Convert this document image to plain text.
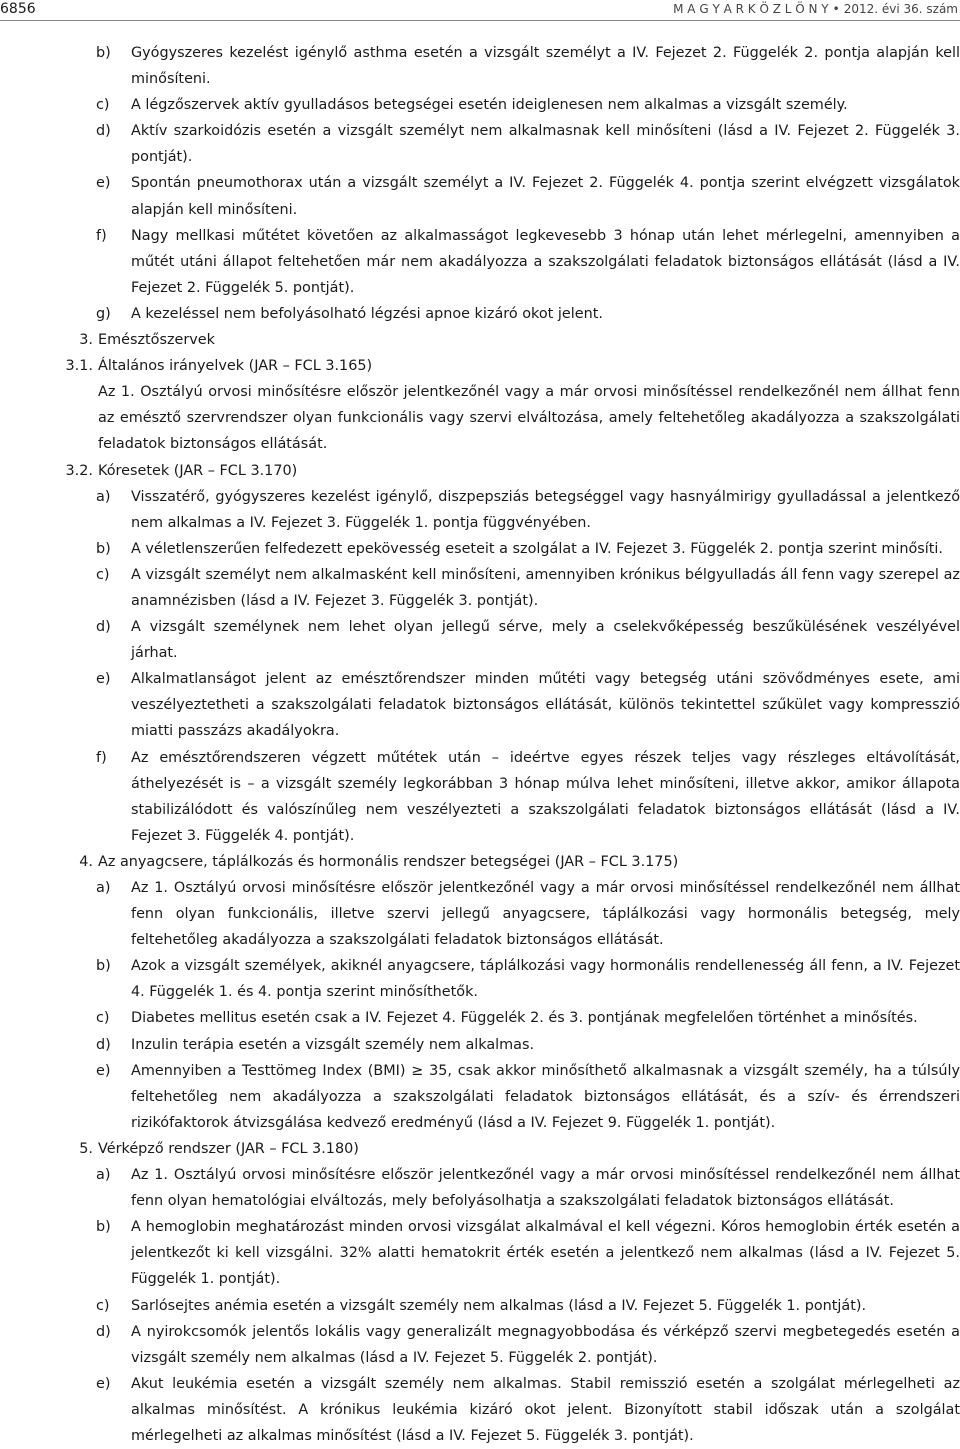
6856	M A G Y A R K Ö Z L Ö N Y • 2012. évi 36. szám
b) Gyógyszeres kezelést igénylő asthma esetén a vizsgált személyt a IV. Fejezet 2. Függelék 2. pontja alapján kell minősíteni.
c) A légzőszervek aktív gyulladásos betegségei esetén ideiglenesen nem alkalmas a vizsgált személy.
d) Aktív szarkoidózis esetén a vizsgált személyt nem alkalmasnak kell minősíteni (lásd a IV. Fejezet 2. Függelék 3. pontját).
e) Spontán pneumothorax után a vizsgált személyt a IV. Fejezet 2. Függelék 4. pontja szerint elvégzett vizsgálatok alapján kell minősíteni.
f) Nagy mellkasi műtétet követően az alkalmasságot legkevesebb 3 hónap után lehet mérlegelni, amennyiben a műtét utáni állapot feltehetően már nem akadályozza a szakszolgálati feladatok biztonságos ellátását (lásd a IV. Fejezet 2. Függelék 5. pontját).
g) A kezeléssel nem befolyásolható légzési apnoe kizáró okot jelent.
3. Emésztőszervek
3.1. Általános irányelvek (JAR – FCL 3.165)
Az 1. Osztályú orvosi minősítésre először jelentkezőnél vagy a már orvosi minősítéssel rendelkezőnél nem állhat fenn az emésztő szervrendszer olyan funkcionális vagy szervi elváltozása, amely feltehetőleg akadályozza a szakszolgálati feladatok biztonságos ellátását.
3.2. Kóresetek (JAR – FCL 3.170)
a) Visszatérő, gyógyszeres kezelést igénylő, diszpepsziás betegséggel vagy hasnyálmirigy gyulladással a jelentkező nem alkalmas a IV. Fejezet 3. Függelék 1. pontja függvényében.
b) A véletlenszerűen felfedezett epekövesség eseteit a szolgálat a IV. Fejezet 3. Függelék 2. pontja szerint minősíti.
c) A vizsgált személyt nem alkalmasként kell minősíteni, amennyiben krónikus bélgyulladás áll fenn vagy szerepel az anamnézisben (lásd a IV. Fejezet 3. Függelék 3. pontját).
d) A vizsgált személynek nem lehet olyan jellegű sérve, mely a cselekvőképesség beszűkülésének veszélyével járhat.
e) Alkalmatlanságot jelent az emésztőrendszer minden műtéti vagy betegség utáni szövődményes esete, ami veszélyeztetheti a szakszolgálati feladatok biztonságos ellátását, különös tekintettel szűkület vagy kompresszió miatti passzázs akadályokra.
f) Az emésztőrendszeren végzett műtétek után – ideértve egyes részek teljes vagy részleges eltávolítását, áthelyezését is – a vizsgált személy legkorábban 3 hónap múlva lehet minősíteni, illetve akkor, amikor állapota stabilizálódott és valószínűleg nem veszélyezteti a szakszolgálati feladatok biztonságos ellátását (lásd a IV. Fejezet 3. Függelék 4. pontját).
4. Az anyagcsere, táplálkozás és hormonális rendszer betegségei (JAR – FCL 3.175)
a) Az 1. Osztályú orvosi minősítésre először jelentkezőnél vagy a már orvosi minősítéssel rendelkezőnél nem állhat fenn olyan funkcionális, illetve szervi jellegű anyagcsere, táplálkozási vagy hormonális betegség, mely feltehetőleg akadályozza a szakszolgálati feladatok biztonságos ellátását.
b) Azok a vizsgált személyek, akiknél anyagcsere, táplálkozási vagy hormonális rendellenesség áll fenn, a IV. Fejezet 4. Függelék 1. és 4. pontja szerint minősíthetők.
c) Diabetes mellitus esetén csak a IV. Fejezet 4. Függelék 2. és 3. pontjának megfelelően történhet a minősítés.
d) Inzulin terápia esetén a vizsgált személy nem alkalmas.
e) Amennyiben a Testtömeg Index (BMI) ≥ 35, csak akkor minősíthető alkalmasnak a vizsgált személy, ha a túlsúly feltehetőleg nem akadályozza a szakszolgálati feladatok biztonságos ellátását, és a szív- és érrendszeri rizikófaktorok átvizsgálása kedvező eredményű (lásd a IV. Fejezet 9. Függelék 1. pontját).
5. Vérképző rendszer (JAR – FCL 3.180)
a) Az 1. Osztályú orvosi minősítésre először jelentkezőnél vagy a már orvosi minősítéssel rendelkezőnél nem állhat fenn olyan hematológiai elváltozás, mely befolyásolhatja a szakszolgálati feladatok biztonságos ellátását.
b) A hemoglobin meghatározást minden orvosi vizsgálat alkalmával el kell végezni. Kóros hemoglobin érték esetén a jelentkezőt ki kell vizsgálni. 32% alatti hematokrit érték esetén a jelentkező nem alkalmas (lásd a IV. Fejezet 5. Függelék 1. pontját).
c) Sarlósejtes anémia esetén a vizsgált személy nem alkalmas (lásd a IV. Fejezet 5. Függelék 1. pontját).
d) A nyirokcsomók jelentős lokális vagy generalizált megnagyobbodása és vérképző szervi megbetegedés esetén a vizsgált személy nem alkalmas (lásd a IV. Fejezet 5. Függelék 2. pontját).
e) Akut leukémia esetén a vizsgált személy nem alkalmas. Stabil remisszió esetén a szolgálat mérlegelheti az alkalmas minősítést. A krónikus leukémia kizáró okot jelent. Bizonyított stabil időszak után a szolgálat mérlegelheti az alkalmas minősítést (lásd a IV. Fejezet 5. Függelék 3. pontját).
